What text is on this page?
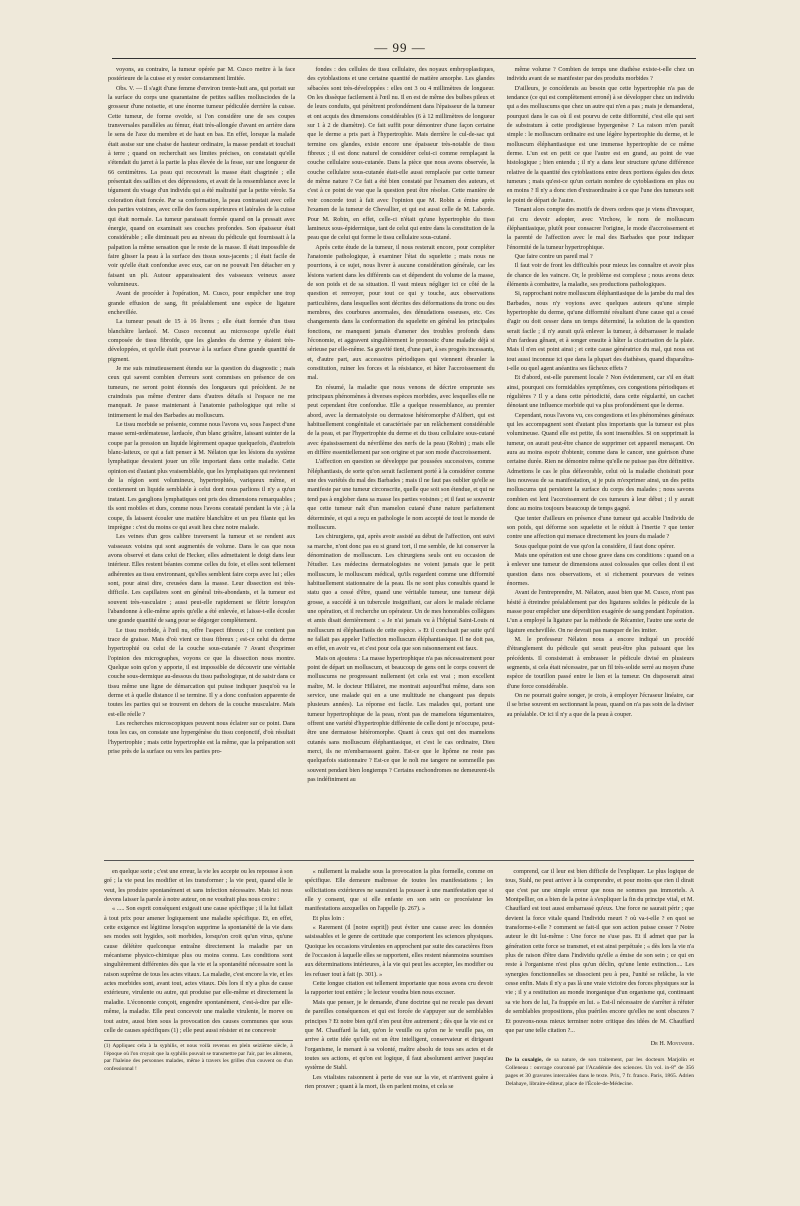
— 99 —

voyons, au contraire, la tumeur opérée par M. Cusco mettre à la face postérieure de la cuisse et y rester constamment limitée.

Obs. V. — Il s'agit d'une femme d'environ trente-huit ans, qui portait sur la surface du corps une quarantaine de petites saillies mollusciodes de la grosseur d'une noisette, et une énorme tumeur pédiculée derrière la cuisse. Cette tumeur, de forme ovoïde, si l'on considère une de ses coupes transversales parallèles au fémur, était très-allongée d'avant en arrière dans le sens de l'axe du membre et de haut en bas. En effet, lorsque la malade était assise sur une chaise de hauteur ordinaire, la masse pendait et touchait à terre ; quand on recherchait ses limites précises, on constatait qu'elle s'étendait du jarret à la partie la plus élevée de la fesse, sur une longueur de 66 centimètres. La peau qui recouvrait la masse était chagrinée ; elle présentait des saillies et des dépressions, et avait de la ressemblance avec le tégument du visage d'un individu qui a été maltraité par la petite vérole. Sa coloration était foncée. Par sa conformation, la peau contrastait avec celle des parties voisines, avec celle des faces supérieures et latérales de la cuisse qui était normale. La tumeur paraissait formée quand on la pressait avec énergie, quand on examinait ses couches profondes. Son épaisseur était considérable ; elle diminuait peu au niveau du pédicule qui fournissait à la palpation la même sensation que le reste de la masse. Il était impossible de faire glisser la peau à la surface des tissus sous-jacents ; il était facile de voir qu'elle était confondue avec eux, car on ne pouvait l'en détacher en y faisant un pli. Autour apparaissaient des vaisseaux veineux assez volumineux.

Avant de procéder à l'opération, M. Cusco, pour empêcher une trop grande effusion de sang, fit préalablement une espèce de ligature enchevillée.

La tumeur pesait de 15 à 16 livres ; elle était formée d'un tissu blanchâtre lardacé. M. Cusco reconnut au microscope qu'elle était composée de tissu fibroïde, que les glandes du derme y étaient très-développées, et qu'elle était pourvue à la surface d'une grande quantité de pigment.

Je me suis minutieusement étendu sur la question du diagnostic ; mais ceux qui savent combien d'erreurs sont commises en présence de ces tumeurs, ne seront point étonnés des longueurs qui précèdent. Je ne craindrais pas même d'entrer dans d'autres détails si l'espace ne me manquait. Je passe maintenant à l'anatomie pathologique qui relie si intimement le mal des Barbades au molluscum.

Le tissu morbide se présente, comme nous l'avons vu, sous l'aspect d'une masse semi-œdémateuse, lardacée, d'un blanc grisâtre, laissant suinter de la coupe par la pression un liquide légèrement opaque quelquefois, d'autrefois blanc-laiteux, ce qui a fait penser à M. Nélaton que les lésions du système lymphatique devaient jouer un rôle important dans cette maladie. Cette opinion est d'autant plus vraisemblable, que les lymphatiques qui reviennent de la région sont volumineux, hypertrophiés, variqueux même, et contiennent un liquide semblable à celui dont nous parlions il n'y a qu'un instant. Les ganglions lymphatiques ont pris des dimensions remarquables ; ils sont mobiles et durs, comme nous l'avons constaté pendant la vie ; à la coupe, ils laissent écouler une matière blanchâtre et un peu filante qui les imprègne : c'est du moins ce qui avait lieu chez notre malade.

Les veines d'un gros calibre traversent la tumeur et se rendent aux vaisseaux voisins qui sont augmentés de volume. Dans le cas que nous avons observé et dans celui de Hecker, elles admettaient le doigt dans leur intérieur. Elles restent béantes comme celles du foie, et elles sont tellement adhérentes au tissu environnant, qu'elles semblent faire corps avec lui ; elles sont, pour ainsi dire, creusées dans la masse. Leur dissection est très-difficile. Les capillaires sont en général très-abondants, et la tumeur est souvent très-vasculaire ; aussi peut-elle rapidement se flétrir lorsqu'on l'abandonne à elle-même après qu'elle a été enlevée, et laisse-t-elle écouler une grande quantité de sang pour se dégorger complètement.

Le tissu morbide, à l'œil nu, offre l'aspect fibreux ; il ne contient pas trace de graisse. Mais d'où vient ce tissu fibreux ; est-ce celui du derme hypertrophié ou celui de la couche sous-cutanée ? Avant d'exprimer l'opinion des micrographes, voyons ce que la dissection nous montre. Quelque soin qu'on y apporte, il est impossible de découvrir une véritable couche sous-dermique au-dessous du tissu pathologique, ni de saisir dans ce tissu même une ligne de démarcation qui puisse indiquer jusqu'où va le derme et à quelle distance il se termine. Il y a donc confusion apparente de toutes les parties qui se trouvent en dehors de la couche musculaire. Mais est-elle réelle ?

Les recherches microscopiques peuvent nous éclairer sur ce point. Dans tous les cas, on constate une hypergénèse du tissu conjonctif, d'où résultait l'hypertrophie ; mais cette hypertrophie est la même, que la préparation soit prise près de la surface ou vers les parties pro-

fondes : des cellules de tissu cellulaire, des noyaux embryoplastiques, des cytoblastions et une certaine quantité de matière amorphe. Les glandes sébacées sont très-développées : elles ont 3 ou 4 millimètres de longueur. On les dissèque facilement à l'œil nu. Il en est de même des bulbes pileux et de leurs conduits, qui pénètrent profondément dans l'épaisseur de la tumeur et ont acquis des dimensions considérables (6 à 12 millimètres de longueur sur 1 à 2 de diamètre). Ce fait suffit pour démontrer d'une façon certaine que le derme a pris part à l'hypertrophie. Mais derrière le cul-de-sac qui termine ces glandes, existe encore une épaisseur très-notable de tissu fibreux ; il est donc naturel de considérer celui-ci comme remplaçant la couche cellulaire sous-cutanée. Dans la pièce que nous avons observée, la couche cellulaire sous-cutanée était-elle aussi remplacée par cette tumeur de même nature ? Ce fait a été bien constaté par l'examen des auteurs, et c'est à ce point de vue que la question peut être résolue. Cette manière de voir concorde tout à fait avec l'opinion que M. Robin a émise après l'examen de la tumeur de Chevallier, et qui est aussi celle de M. Laborde. Pour M. Robin, en effet, celle-ci n'était qu'une hypertrophie du tissu lamineux sous-épidermique, tant de celui qui entre dans la constitution de la peau que de celui qui forme le tissu cellulaire sous-cutané.

Après cette étude de la tumeur, il nous resterait encore, pour compléter l'anatomie pathologique, à examiner l'état du squelette ; mais nous ne pourrions, à ce sujet, nous livrer à aucune considération générale, car les lésions varient dans les différents cas et dépendent du volume de la masse, de son poids et de sa situation. Il vaut mieux négliger ici ce côté de la question et renvoyer, pour tout ce qui y touche, aux observations particulières, dans lesquelles sont décrites des déformations du tronc ou des membres, des courbures anormales, des dénudations osseuses, etc. Ces changements dans la conformation du squelette en général les principales fonctions, ne manquent jamais d'amener des troubles profonds dans l'économie, et aggravent singulièrement le pronostic d'une maladie déjà si sérieuse par elle-même. Sa gravité tient, d'une part, à ses progrès incessants, et, d'autre part, aux accessoires périodiques qui viennent ébranler la constitution, ruiner les forces et la résistance, et hâter l'accroissement du mal.

En résumé, la maladie que nous venons de décrire emprunte ses principaux phénomènes à diverses espèces morbides, avec lesquelles elle ne peut cependant être confondue. Elle a quelque ressemblance, au premier abord, avec la dermatolysie ou dermatose hétéromorphe d'Alibert, qui est habituellement congénitale et caractérisée par un relâchement considérable de la peau, et par l'hypertrophie du derme et du tissu cellulaire sous-cutané avec épaississement du névrilème des nerfs de la peau (Robin) ; mais elle en diffère essentiellement par son origine et par son mode d'accroissement.

L'affection en question se développe par poussées successives, comme l'éléphantiasis, de sorte qu'on serait facilement porté à la considérer comme une des variétés du mal des Barbades ; mais il ne faut pas oublier qu'elle se manifeste par une tumeur circonscrite, quelle que soit son étendue, et qui ne tend pas à englober dans sa masse les parties voisines ; et il faut se souvenir que cette tumeur naît d'un mamelon cutané d'une nature parfaitement déterminée, et qui a reçu en pathologie le nom accepté de tout le monde de molluscum.

Les chirurgiens, qui, après avoir assisté au début de l'affection, ont suivi sa marche, n'ont donc pas eu si grand tort, il me semble, de lui conserver la dénomination de molluscum. Les chirurgiens seuls ont eu occasion de l'étudier. Les médecins dermatologistes ne voient jamais que le petit molluscum, le molluscum médical, qu'ils regardent comme une difformité habituellement stationnaire de la peau. Ils ne sont plus consultés quand le statu quo a cessé d'être, quand une véritable tumeur, une tumeur déjà grosse, a succédé à un tubercule insignifiant, car alors le malade réclame une opération, et il recherche un opérateur. Un de mes honorables collègues et amis disait dernièrement : « Je n'ai jamais vu à l'hôpital Saint-Louis ni molluscum ni éléphantiasis de cette espèce. » Et il concluait par suite qu'il ne fallait pas appeler l'affection molluscum éléphantiasique. Il ne doit pas, en effet, en avoir vu, et c'est pour cela que son raisonnement est faux.

Mais on ajoutera : La masse hypertrophique n'a pas nécessairement pour point de départ un molluscum, et beaucoup de gens ont le corps couvert de molluscums ne progressant nullement (et cela est vrai ; mon excellent maître, M. le docteur Hillairet, me montrait aujourd'hui même, dans son service, une malade qui en a une multitude ne changeant pas depuis plusieurs années). La réponse est facile. Les malades qui, portant une tumeur hypertrophique de la peau, n'ont pas de mamelons tégumentaires, offrent une variété d'hypertrophie différente de celle dont je m'occupe, peut-être une dermatose hétéromorphe. Quant à ceux qui ont des mamelons cutanés sans molluscum éléphantiasique, et c'est le cas ordinaire, Dieu merci, ils ne m'embarrassent guère. Est-ce que le lipôme ne reste pas quelquefois stationnaire ? Est-ce que le noli me tangere ne sommeille pas souvent pendant bien longtemps ? Certains enchondromes ne demeurent-ils pas indéfiniment au

même volume ? Combien de temps une diathèse existe-t-elle chez un individu avant de se manifester par des produits morbides ?

D'ailleurs, je concéderais au besoin que cette hypertrophie n'a pas de tendance (ce qui est complètement erroné) à se développer chez un individu qui a des molluscums que chez un autre qui n'en a pas ; mais je demanderai, pourquoi dans le cas où il est pourvu de cette difformité, c'est elle qui sert de substratum à cette prodigieuse hypergenèse ? La raison m'en paraît simple : le molluscum ordinaire est une légère hypertrophie du derme, et le molluscum éléphantiasique est une immense hypertrophie de ce même derme. L'un est en petit ce que l'autre est en grand, au point de vue histologique ; bien entendu ; il n'y a dans leur structure qu'une différence relative de la quantité des cytoblastions entre deux portions égales des deux tumeurs ; mais qu'est-ce qu'un certain nombre de cytoblastions en plus ou en moins ? Il n'y a donc rien d'extraordinaire à ce que l'une des tumeurs soit le point de départ de l'autre.

Tenant alors compte des motifs de divers ordres que je viens d'invoquer, j'ai cru devoir adopter, avec Virchow, le nom de molluscum éléphantiasique, plutôt pour consacrer l'origine, le mode d'accroissement et la parenté de l'affection avec le mal des Barbades que pour indiquer l'énormité de la tumeur hypertrophique.

Que faire contre un pareil mal ?

Il faut voir de front les difficultés pour mieux les connaître et avoir plus de chance de les vaincre. Or, le problème est complexe ; nous avons deux éléments à combattre, la maladie, ses productions pathologiques.

Si, rapprochant notre molluscum éléphantiasique de la jambe du mal des Barbades, nous n'y voyions avec quelques auteurs qu'une simple hypertrophie du derme, qu'une difformité résultant d'une cause qui a cessé d'agir ou doit cesser dans un temps déterminé, la solution de la question serait facile ; il n'y aurait qu'à enlever la tumeur, à débarrasser le malade d'un fardeau gênant, et à songer ensuite à hâter la cicatrisation de la plaie. Mais il n'en est point ainsi ; et cette cause génératrice du mal, qui nous est tout aussi inconnue ici que dans la plupart des diathèses, quand disparaîtra-t-elle ou quel agent anéantira ses fâcheux effets ?

Et d'abord, est-elle purement locale ? Non évidemment, car s'il en était ainsi, pourquoi ces formidables symptômes, ces congestions périodiques et régulières ? Il y a dans cette périodicité, dans cette régularité, un cachet dénotant une influence morbide qui va plus profondément que le derme.

Cependant, nous l'avons vu, ces congestions et les phénomènes généraux qui les accompagnent sont d'autant plus importants que la tumeur est plus volumineuse. Quand elle est petite, ils sont insensibles. Si on supprimait la tumeur, on aurait peut-être chance de supprimer cet appareil menaçant. On aura au moins espoir d'obtenir, comme dans le cancer, une guérison d'une certaine durée. Rien ne démontre même qu'elle ne puisse pas être définitive. Admettons le cas le plus défavorable, celui où la maladie choisirait pour lieu nouveau de sa manifestation, si je puis m'exprimer ainsi, un des petits molluscums qui persistent la surface du corps des malades ; nous savons combien est lent l'accroissement de ces tumeurs à leur début ; il y aurait donc au moins toujours beaucoup de temps gagné.

Que tenter d'ailleurs en présence d'une tumeur qui accable l'individu de son poids, qui déforme son squelette et le réduit à l'inertie ? que tenter contre une affection qui menace directement les jours du malade ?

Sous quelque point de vue qu'on la considère, il faut donc opérer.

Mais une opération est une chose grave dans ces conditions : quand on a à enlever une tumeur de dimensions aussi colossales que celles dont il est question dans nos observations, et si richement pourvues de veines énormes.

Avant de l'entreprendre, M. Nélaton, aussi bien que M. Cusco, n'ont pas hésité à étreindre préalablement par des ligatures solides le pédicule de la masse pour empêcher une déperdition exagérée de sang pendant l'opération. L'un a employé la ligature par la méthode de Récamier, l'autre une sorte de ligature enchevillée. On ne devrait pas manquer de les imiter.

M. le professeur Nélaton nous a encore indiqué un procédé d'étranglement du pédicule qui serait peut-être plus puissant que les précédents. Il consisterait à embrasser le pédicule divisé en plusieurs segments, si cela était nécessaire, par un fil très-solide serré au moyen d'une espèce de tourillon passé entre le lien et la tumeur. On disposerait ainsi d'une force considérable.

On ne pourrait guère songer, je crois, à employer l'écraseur linéaire, car il se brise souvent en sectionnant la peau, quand on n'a pas soin de la diviser au préalable. Or ici il n'y a que de la peau à couper.

en quelque sorte ; c'est une erreur, la vie les accepte ou les repousse à son gré ; la vie peut les modifier et les transformer ; la vie peut, quand elle le veut, les produire spontanément et sans infection nécessaire. Mais ici nous devons laisser la parole à notre auteur, on ne voudrait plus nous croire :

« ..... Son esprit conséquent exigeait une cause spécifique ; il la lui fallait à tout prix pour amener logiquement une maladie spécifique. Et, en effet, cette exigence est légitime lorsqu'on supprime la spontanéité de la vie dans ses modes soit hygides, soit morbides, lorsqu'on croit qu'un virus, qu'une cause délétère quelconque entraîne directement la maladie par un mécanisme physico-chimique plus ou moins connu. Les conditions sont singulièrement différentes dès que la vie et la spontanéité nécessaire sont la raison suprême de tous les actes vitaux. La maladie, c'est encore la vie, et les actes morbides sont, avant tout, actes vitaux. Dès lors il n'y a plus de cause extérieure, virulente ou autre, qui produise par elle-même et directement la maladie. L'économie conçoit, engendre spontanément, c'est-à-dire par elle-même, la maladie. Elle peut concevoir une maladie virulente, le morve ou tout autre, aussi bien sous la provocation des causes communes que sous celle de causes spécifiques (1) ; elle peut aussi résister et ne concevoir

(1) Appliquez cela à la syphilis, et nous voilà revenus en plein seizième siècle, à l'époque où l'on croyait que la syphilis pouvait se transmettre par l'air, par les aliments, par l'haleine des personnes malades, même à travers les grilles d'un couvent ou d'un confessionnal !

« nullement la maladie sous la provocation la plus formelle, comme on spécifique. Elle demeure maîtresse de toutes les manifestations ; les sollicitations extérieures ne sauraient la pousser à une manifestation que si elle y consent, que si elle enfante en son sein ce procréateur les manifestations auxquelles on l'appelle (p. 267). »

Et plus loin :

« Rarement (il [notre esprit]) peut éviter une cause avec les données saisissables et le genre de certitude que comportent les sciences physiques. Quoique les occasions virulentes en approchent par suite des caractères fixes de l'occasion à laquelle elles se rapportent, elles restent néanmoins soumises aux déterminations intérieures, à la vie qui peut les accepter, les modifier ou les refuser tout à fait (p. 301). »

Cette longue citation est tellement importante que nous avons cru devoir la rapporter tout entière ; le lecteur voudra bien nous excuser.

Mais que penser, je le demande, d'une doctrine qui ne recule pas devant de pareilles conséquences et qui est forcée de s'appuyer sur de semblables principes ? Et notre bien qu'il n'en peut être autrement ; dès que la vie est ce que M. Chauffard la fait, qu'on le veuille ou qu'on ne le veuille pas, on arrive à cette idée qu'elle est un être intelligent, conservateur et dirigeant l'organisme, le menant à sa volonté, maître absolu de tous ses actes et de toutes ses actions, et qu'on est logique, il faut absolument arriver jusqu'au système de Stahl.

Les vitalistes raisonnent à perte de vue sur la vie, et n'arrivent guère à rien prouver ; quant à la mort, ils en parlent moins, et cela se

comprend, car il leur est bien difficile de l'expliquer. Le plus logique de tous, Stahl, ne peut arriver à la comprendre, et pour moins que rien il dirait que c'est par une simple erreur que nous ne sommes pas immortels. A Montpellier, on a bien de la peine à s'expliquer la fin du principe vital, et M. Chauffard est tout aussi embarrassé qu'eux. Une force ne saurait périr ; que devient la force vitale quand l'individu meurt ? où va-t-elle ? en quoi se transforme-t-elle ? comment se fait-il que son action puisse cesser ? Notre auteur le dit lui-même : Une force ne s'use pas. Et il admet que par la génération cette force se transmet, et est ainsi perpétuée ; « dès lors la vie n'a plus de raison d'être dans l'individu qu'elle a émise de son sein ; ce qui en reste à l'organisme n'est plus qu'un déclin, qu'une lente extinction.... Les synergies fonctionnelles se dissocient peu à peu, l'unité se relâche, la vie cesse enfin. Mais il n'y a pas là une vraie victoire des forces physiques sur la vie ; il y a restitution au monde inorganique d'un organisme qui, continuant sa vie hors de lui, l'a frappée en lui. » Est-il nécessaire de s'arrêter à réfuter de semblables propositions, plus puériles encore qu'elles ne sont obscures ? Et pouvons-nous mieux terminer notre critique des idées de M. Chauffard que par une telle citation ?...

Dr H. Montanier.
De la coxalgie, de sa nature, de son traitement, par les docteurs Marjolin et Colleneau : ouvrage couronné par l'Académie des sciences. Un vol. in-8° de 356 pages et 30 gravures intercalées dans le texte. Prix, 7 fr. franco. Paris, 1865. Adrien Delahaye, libraire-éditeur, place de l'École-de-Médecine.
